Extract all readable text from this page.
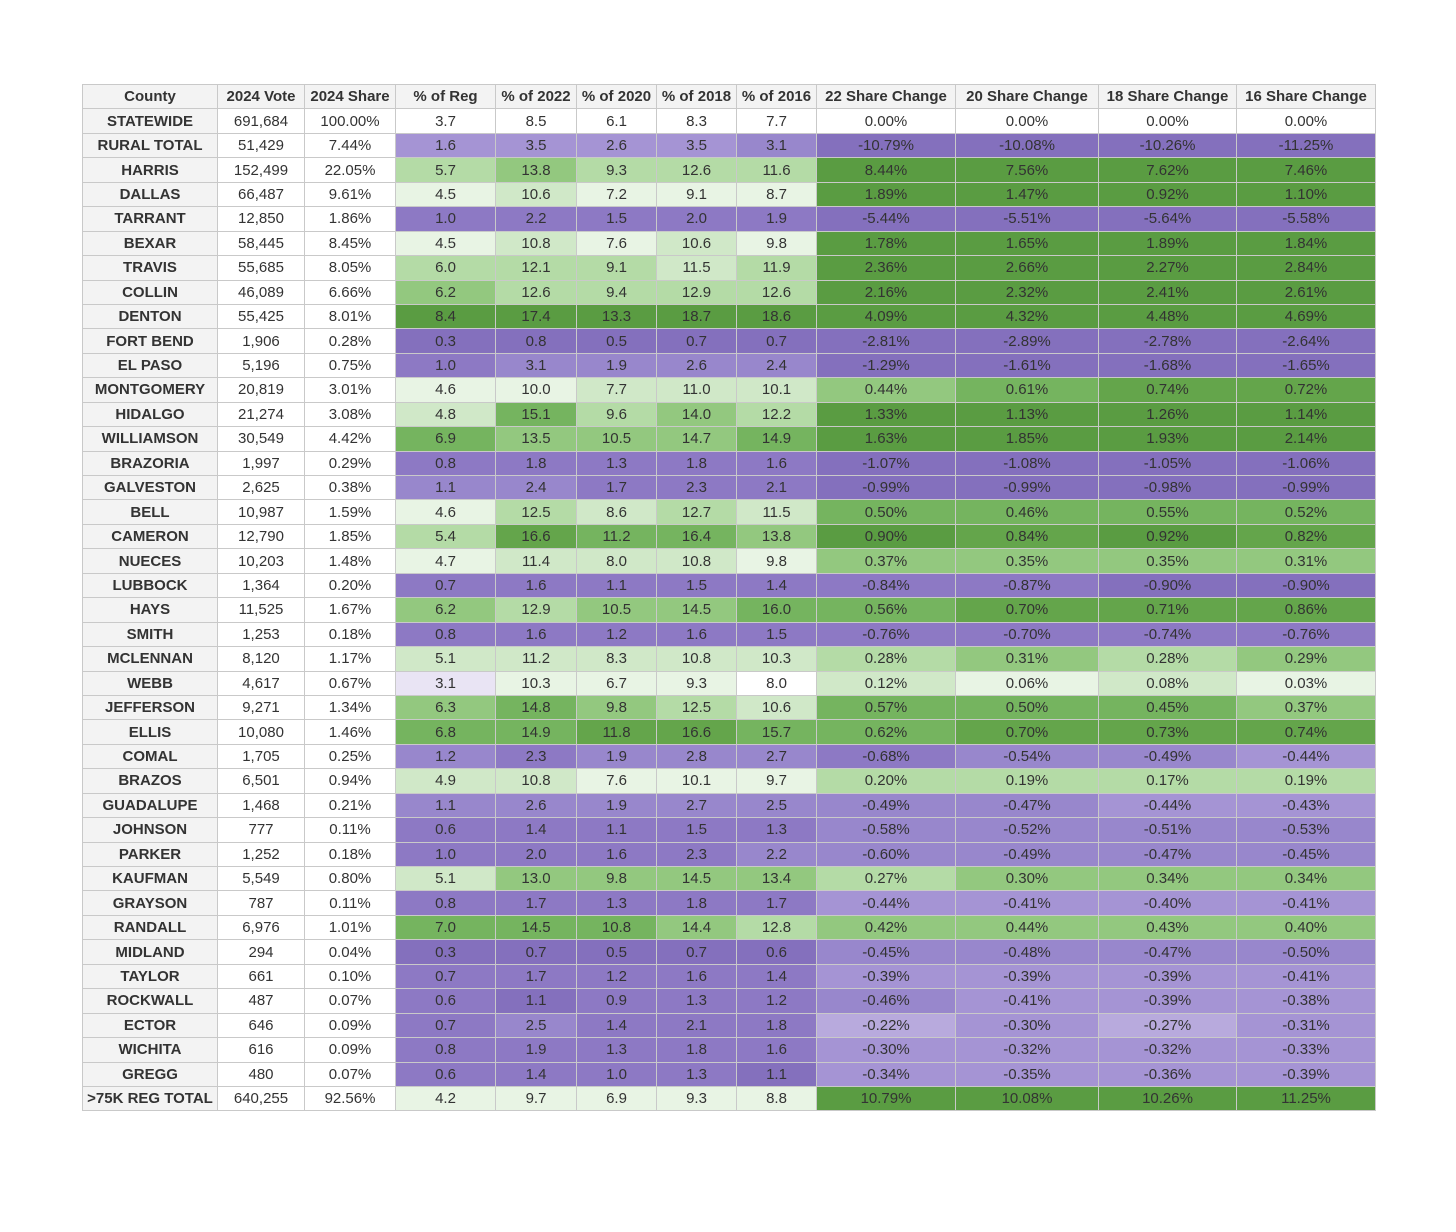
County	2024 Vote	2024 Share	% of Reg	% of 2022	% of 2020	% of 2018	% of 2016	22 Share Change	20 Share Change	18 Share Change	16 Share Change
STATEWIDE	691,684	100.00%	3.7	8.5	6.1	8.3	7.7	0.00%	0.00%	0.00%	0.00%
RURAL TOTAL	51,429	7.44%	1.6	3.5	2.6	3.5	3.1	-10.79%	-10.08%	-10.26%	-11.25%
HARRIS	152,499	22.05%	5.7	13.8	9.3	12.6	11.6	8.44%	7.56%	7.62%	7.46%
DALLAS	66,487	9.61%	4.5	10.6	7.2	9.1	8.7	1.89%	1.47%	0.92%	1.10%
TARRANT	12,850	1.86%	1.0	2.2	1.5	2.0	1.9	-5.44%	-5.51%	-5.64%	-5.58%
BEXAR	58,445	8.45%	4.5	10.8	7.6	10.6	9.8	1.78%	1.65%	1.89%	1.84%
TRAVIS	55,685	8.05%	6.0	12.1	9.1	11.5	11.9	2.36%	2.66%	2.27%	2.84%
COLLIN	46,089	6.66%	6.2	12.6	9.4	12.9	12.6	2.16%	2.32%	2.41%	2.61%
DENTON	55,425	8.01%	8.4	17.4	13.3	18.7	18.6	4.09%	4.32%	4.48%	4.69%
FORT BEND	1,906	0.28%	0.3	0.8	0.5	0.7	0.7	-2.81%	-2.89%	-2.78%	-2.64%
EL PASO	5,196	0.75%	1.0	3.1	1.9	2.6	2.4	-1.29%	-1.61%	-1.68%	-1.65%
MONTGOMERY	20,819	3.01%	4.6	10.0	7.7	11.0	10.1	0.44%	0.61%	0.74%	0.72%
HIDALGO	21,274	3.08%	4.8	15.1	9.6	14.0	12.2	1.33%	1.13%	1.26%	1.14%
WILLIAMSON	30,549	4.42%	6.9	13.5	10.5	14.7	14.9	1.63%	1.85%	1.93%	2.14%
BRAZORIA	1,997	0.29%	0.8	1.8	1.3	1.8	1.6	-1.07%	-1.08%	-1.05%	-1.06%
GALVESTON	2,625	0.38%	1.1	2.4	1.7	2.3	2.1	-0.99%	-0.99%	-0.98%	-0.99%
BELL	10,987	1.59%	4.6	12.5	8.6	12.7	11.5	0.50%	0.46%	0.55%	0.52%
CAMERON	12,790	1.85%	5.4	16.6	11.2	16.4	13.8	0.90%	0.84%	0.92%	0.82%
NUECES	10,203	1.48%	4.7	11.4	8.0	10.8	9.8	0.37%	0.35%	0.35%	0.31%
LUBBOCK	1,364	0.20%	0.7	1.6	1.1	1.5	1.4	-0.84%	-0.87%	-0.90%	-0.90%
HAYS	11,525	1.67%	6.2	12.9	10.5	14.5	16.0	0.56%	0.70%	0.71%	0.86%
SMITH	1,253	0.18%	0.8	1.6	1.2	1.6	1.5	-0.76%	-0.70%	-0.74%	-0.76%
MCLENNAN	8,120	1.17%	5.1	11.2	8.3	10.8	10.3	0.28%	0.31%	0.28%	0.29%
WEBB	4,617	0.67%	3.1	10.3	6.7	9.3	8.0	0.12%	0.06%	0.08%	0.03%
JEFFERSON	9,271	1.34%	6.3	14.8	9.8	12.5	10.6	0.57%	0.50%	0.45%	0.37%
ELLIS	10,080	1.46%	6.8	14.9	11.8	16.6	15.7	0.62%	0.70%	0.73%	0.74%
COMAL	1,705	0.25%	1.2	2.3	1.9	2.8	2.7	-0.68%	-0.54%	-0.49%	-0.44%
BRAZOS	6,501	0.94%	4.9	10.8	7.6	10.1	9.7	0.20%	0.19%	0.17%	0.19%
GUADALUPE	1,468	0.21%	1.1	2.6	1.9	2.7	2.5	-0.49%	-0.47%	-0.44%	-0.43%
JOHNSON	777	0.11%	0.6	1.4	1.1	1.5	1.3	-0.58%	-0.52%	-0.51%	-0.53%
PARKER	1,252	0.18%	1.0	2.0	1.6	2.3	2.2	-0.60%	-0.49%	-0.47%	-0.45%
KAUFMAN	5,549	0.80%	5.1	13.0	9.8	14.5	13.4	0.27%	0.30%	0.34%	0.34%
GRAYSON	787	0.11%	0.8	1.7	1.3	1.8	1.7	-0.44%	-0.41%	-0.40%	-0.41%
RANDALL	6,976	1.01%	7.0	14.5	10.8	14.4	12.8	0.42%	0.44%	0.43%	0.40%
MIDLAND	294	0.04%	0.3	0.7	0.5	0.7	0.6	-0.45%	-0.48%	-0.47%	-0.50%
TAYLOR	661	0.10%	0.7	1.7	1.2	1.6	1.4	-0.39%	-0.39%	-0.39%	-0.41%
ROCKWALL	487	0.07%	0.6	1.1	0.9	1.3	1.2	-0.46%	-0.41%	-0.39%	-0.38%
ECTOR	646	0.09%	0.7	2.5	1.4	2.1	1.8	-0.22%	-0.30%	-0.27%	-0.31%
WICHITA	616	0.09%	0.8	1.9	1.3	1.8	1.6	-0.30%	-0.32%	-0.32%	-0.33%
GREGG	480	0.07%	0.6	1.4	1.0	1.3	1.1	-0.34%	-0.35%	-0.36%	-0.39%
>75K REG TOTAL	640,255	92.56%	4.2	9.7	6.9	9.3	8.8	10.79%	10.08%	10.26%	11.25%
